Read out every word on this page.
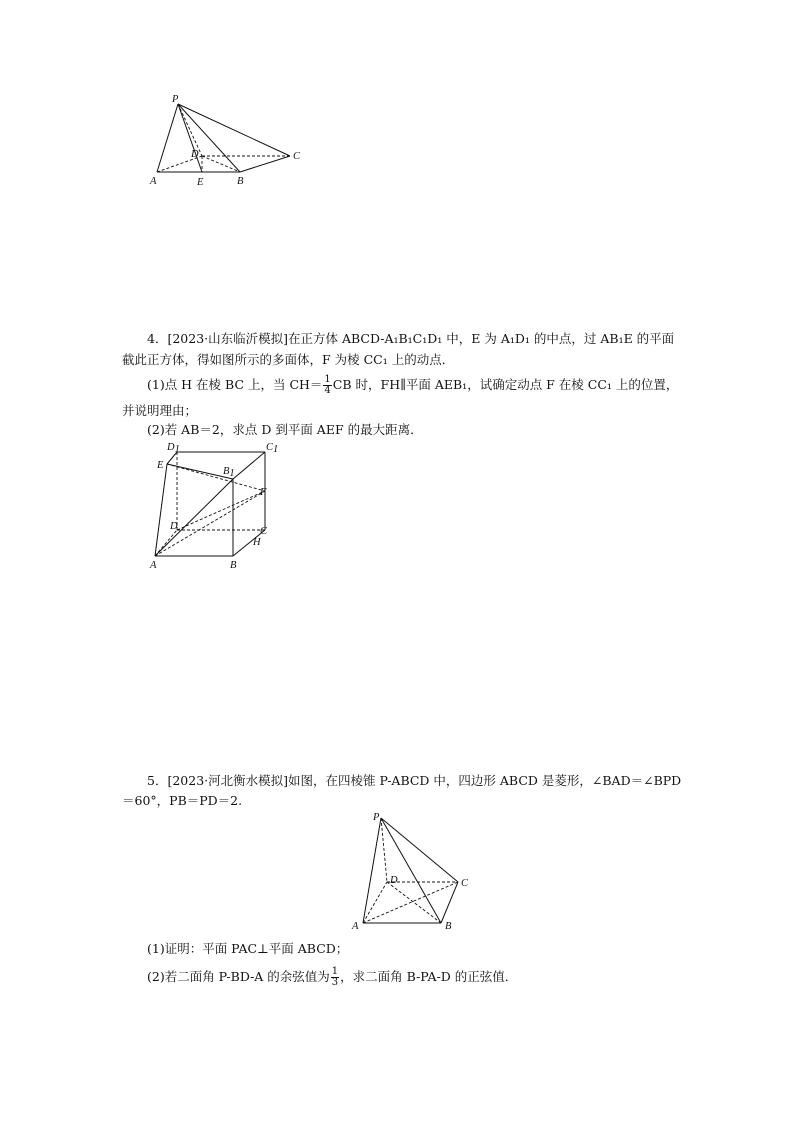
P
D	C
A	E	B
4．[2023·山东临沂模拟]在正方体 ABCD-A₁B₁C₁D₁ 中，E 为 A₁D₁ 的中点，过 AB₁E 的平面
截此正方体，得如图所示的多面体，F 为棱 CC₁ 上的动点．
(1)点 H 在棱 BC 上，当 $CH= \frac{1}{4}$ CB 时，FH∥平面 AEB₁，试确定动点 F 在棱 CC₁ 上的位置，
并说明理由；
(2)若 AB＝2，求点 D 到平面 AEF 的最大距离．
D1	C1
E
B1
F
D	C
H
A	B
5．[2023·河北衡水模拟]如图，在四棱锥 P-ABCD 中，四边形 ABCD 是菱形，∠BAD＝∠BPD
＝60°，PB＝PD＝2.
P
D	C
A	B
(1)证明：平面 PAC⊥平面 ABCD；
(2)若二面角 P-BD-A 的余弦值为 $\frac{1}{3}$ ，求二面角 B-PA-D 的正弦值．
